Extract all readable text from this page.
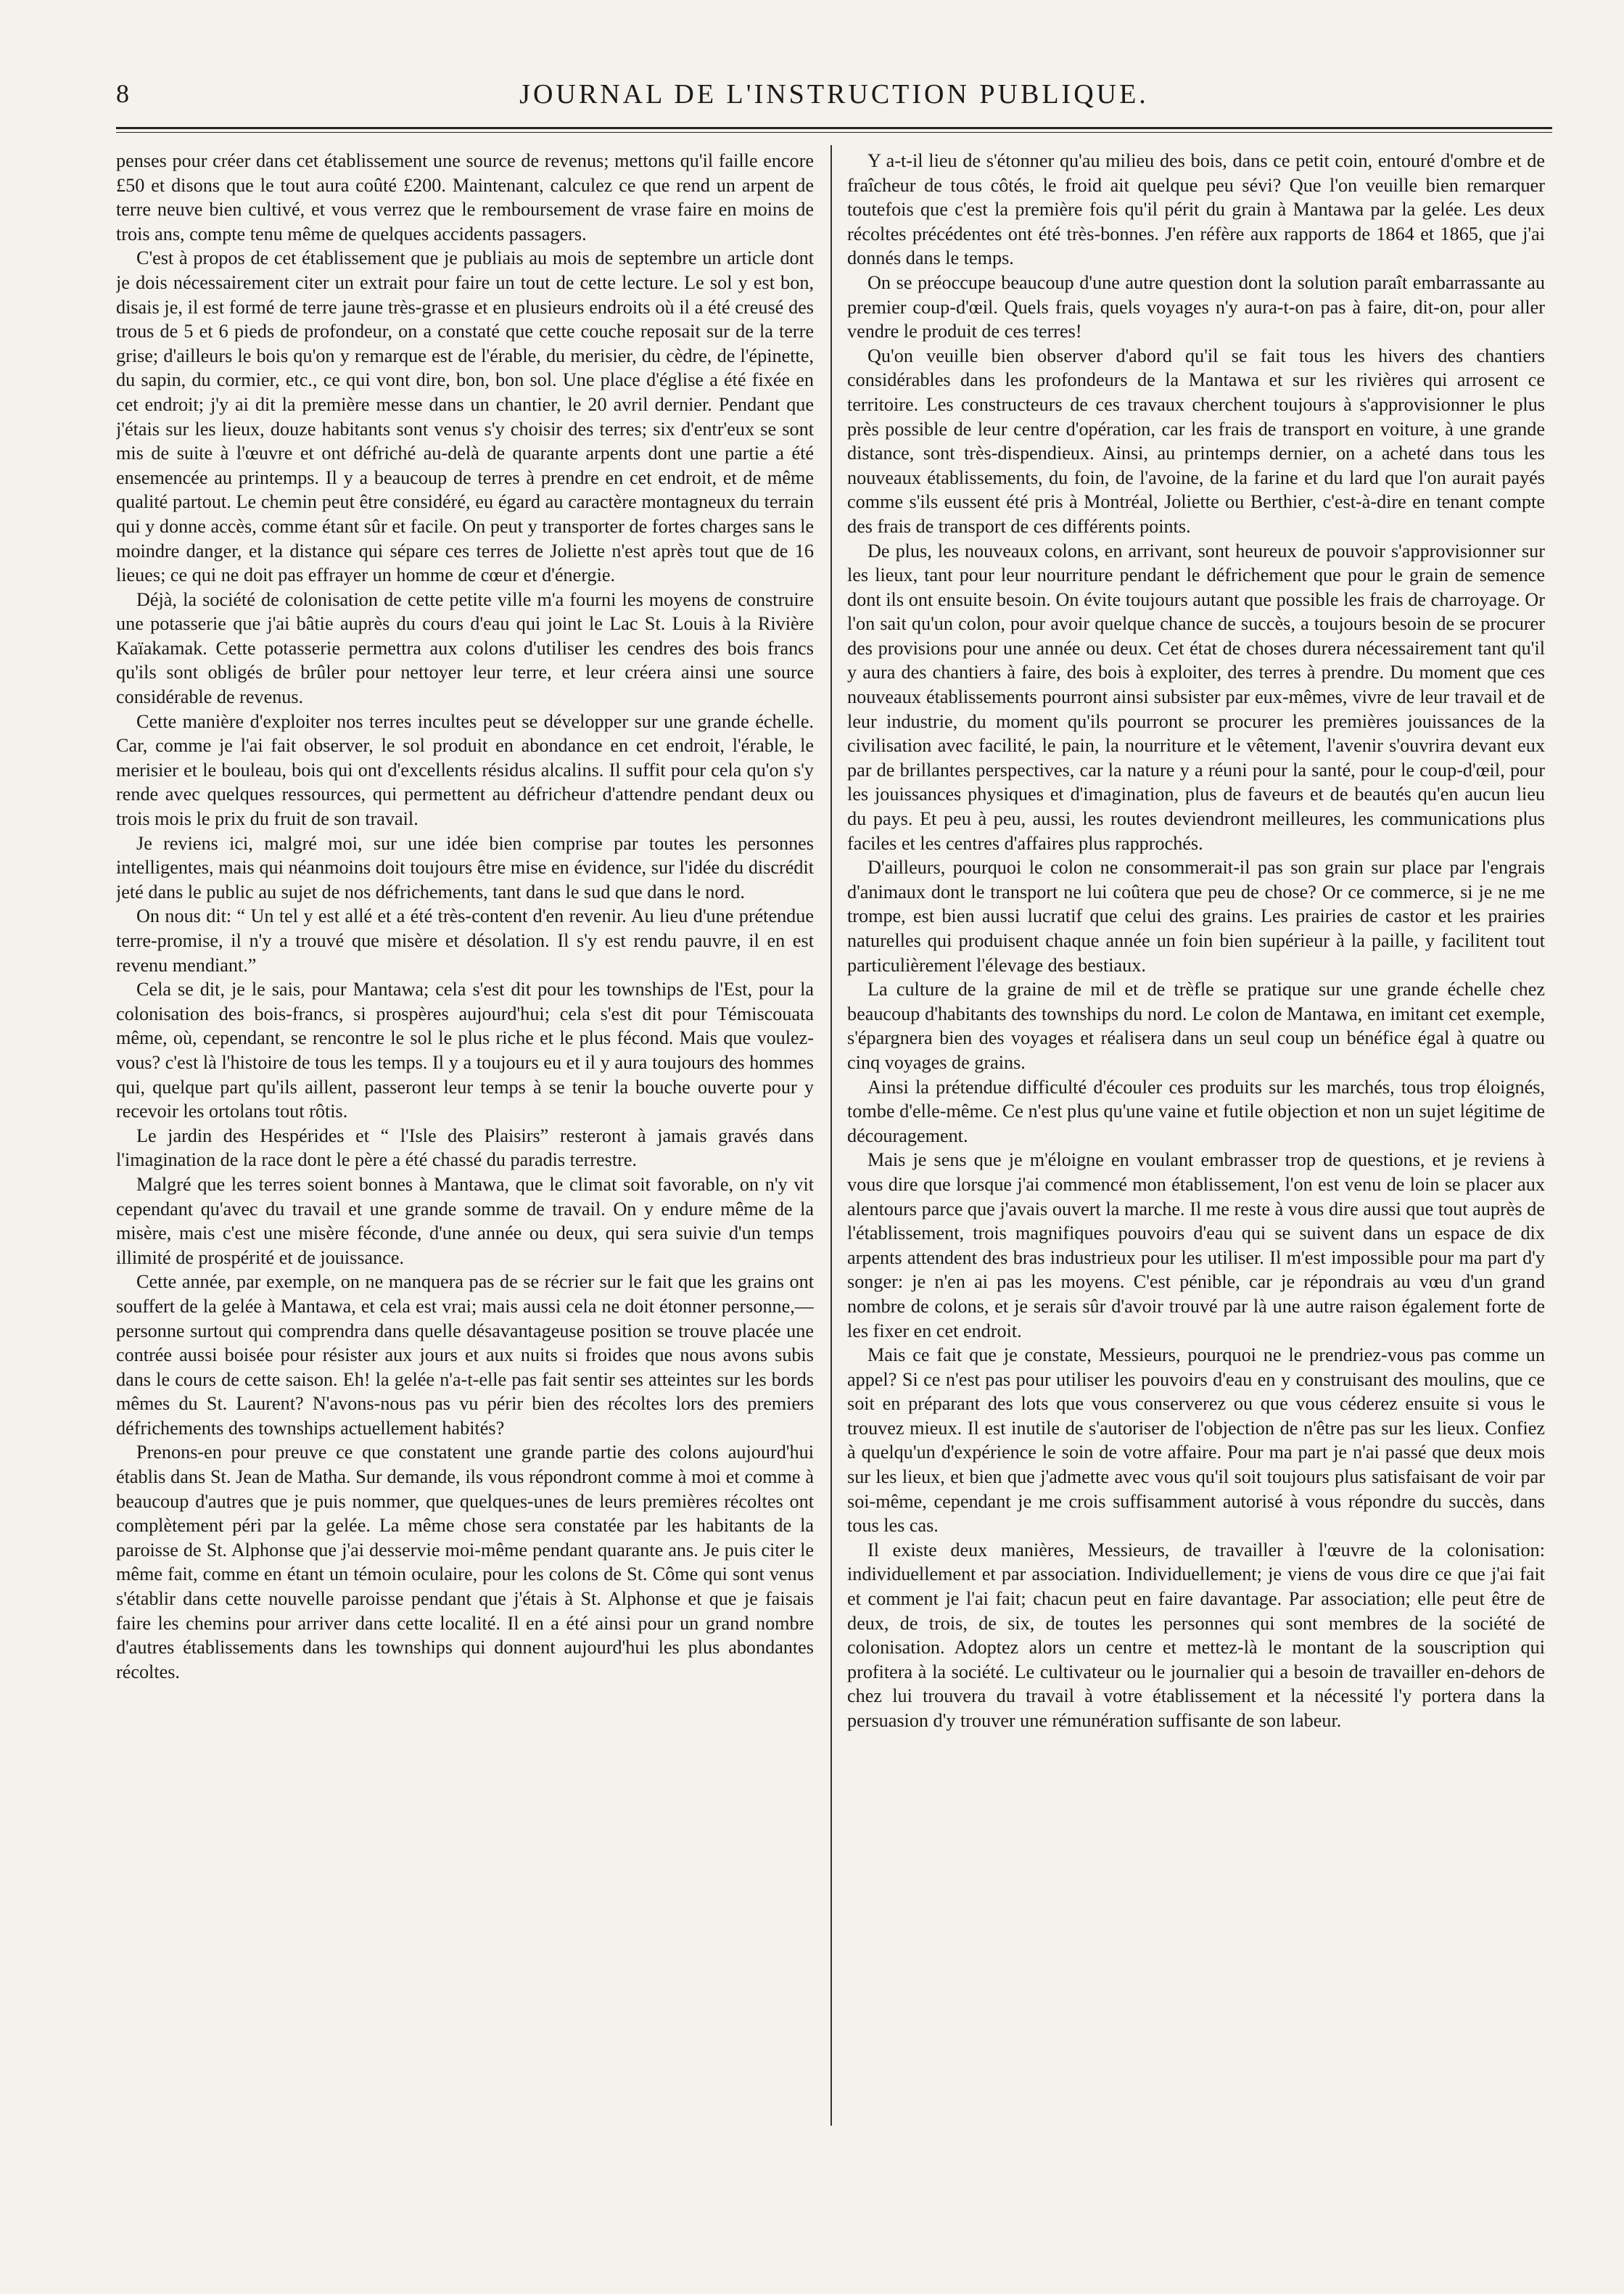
8	JOURNAL DE L'INSTRUCTION PUBLIQUE.

penses pour créer dans cet établissement une source de revenus; mettons qu'il faille encore £50 et disons que le tout aura coûté £200. Maintenant, calculez ce que rend un arpent de terre neuve bien cultivé, et vous verrez que le remboursement de vrase faire en moins de trois ans, compte tenu même de quelques accidents passagers.

C'est à propos de cet établissement que je publiais au mois de septembre un article dont je dois nécessairement citer un extrait pour faire un tout de cette lecture. Le sol y est bon, disais je, il est formé de terre jaune très-grasse et en plusieurs endroits où il a été creusé des trous de 5 et 6 pieds de profondeur, on a constaté que cette couche reposait sur de la terre grise; d'ailleurs le bois qu'on y remarque est de l'érable, du merisier, du cèdre, de l'épinette, du sapin, du cormier, etc., ce qui vont dire, bon, bon sol. Une place d'église a été fixée en cet endroit; j'y ai dit la première messe dans un chantier, le 20 avril dernier. Pendant que j'étais sur les lieux, douze habitants sont venus s'y choisir des terres; six d'entr'eux se sont mis de suite à l'œuvre et ont défriché au-delà de quarante arpents dont une partie a été ensemencée au printemps. Il y a beaucoup de terres à prendre en cet endroit, et de même qualité partout. Le chemin peut être considéré, eu égard au caractère montagneux du terrain qui y donne accès, comme étant sûr et facile. On peut y transporter de fortes charges sans le moindre danger, et la distance qui sépare ces terres de Joliette n'est après tout que de 16 lieues; ce qui ne doit pas effrayer un homme de cœur et d'énergie.

Déjà, la société de colonisation de cette petite ville m'a fourni les moyens de construire une potasserie que j'ai bâtie auprès du cours d'eau qui joint le Lac St. Louis à la Rivière Kaïakamak. Cette potasserie permettra aux colons d'utiliser les cendres des bois francs qu'ils sont obligés de brûler pour nettoyer leur terre, et leur créera ainsi une source considérable de revenus.

Cette manière d'exploiter nos terres incultes peut se développer sur une grande échelle. Car, comme je l'ai fait observer, le sol produit en abondance en cet endroit, l'érable, le merisier et le bouleau, bois qui ont d'excellents résidus alcalins. Il suffit pour cela qu'on s'y rende avec quelques ressources, qui permettent au défricheur d'attendre pendant deux ou trois mois le prix du fruit de son travail.

Je reviens ici, malgré moi, sur une idée bien comprise par toutes les personnes intelligentes, mais qui néanmoins doit toujours être mise en évidence, sur l'idée du discrédit jeté dans le public au sujet de nos défrichements, tant dans le sud que dans le nord.

On nous dit: “ Un tel y est allé et a été très-content d'en revenir. Au lieu d'une prétendue terre-promise, il n'y a trouvé que misère et désolation. Il s'y est rendu pauvre, il en est revenu mendiant.”

Cela se dit, je le sais, pour Mantawa; cela s'est dit pour les townships de l'Est, pour la colonisation des bois-francs, si prospères aujourd'hui; cela s'est dit pour Témiscouata même, où, cependant, se rencontre le sol le plus riche et le plus fécond. Mais que voulez-vous? c'est là l'histoire de tous les temps. Il y a toujours eu et il y aura toujours des hommes qui, quelque part qu'ils aillent, passeront leur temps à se tenir la bouche ouverte pour y recevoir les ortolans tout rôtis.

Le jardin des Hespérides et “ l'Isle des Plaisirs” resteront à jamais gravés dans l'imagination de la race dont le père a été chassé du paradis terrestre.

Malgré que les terres soient bonnes à Mantawa, que le climat soit favorable, on n'y vit cependant qu'avec du travail et une grande somme de travail. On y endure même de la misère, mais c'est une misère féconde, d'une année ou deux, qui sera suivie d'un temps illimité de prospérité et de jouissance.

Cette année, par exemple, on ne manquera pas de se récrier sur le fait que les grains ont souffert de la gelée à Mantawa, et cela est vrai; mais aussi cela ne doit étonner personne,—personne surtout qui comprendra dans quelle désavantageuse position se trouve placée une contrée aussi boisée pour résister aux jours et aux nuits si froides que nous avons subis dans le cours de cette saison. Eh! la gelée n'a-t-elle pas fait sentir ses atteintes sur les bords mêmes du St. Laurent? N'avons-nous pas vu périr bien des récoltes lors des premiers défrichements des townships actuellement habités?

Prenons-en pour preuve ce que constatent une grande partie des colons aujourd'hui établis dans St. Jean de Matha. Sur demande, ils vous répondront comme à moi et comme à beaucoup d'autres que je puis nommer, que quelques-unes de leurs premières récoltes ont complètement péri par la gelée. La même chose sera constatée par les habitants de la paroisse de St. Alphonse que j'ai desservie moi-même pendant quarante ans. Je puis citer le même fait, comme en étant un témoin oculaire, pour les colons de St. Côme qui sont venus s'établir dans cette nouvelle paroisse pendant que j'étais à St. Alphonse et que je faisais faire les chemins pour arriver dans cette localité. Il en a été ainsi pour un grand nombre d'autres établissements dans les townships qui donnent aujourd'hui les plus abondantes récoltes.

Y a-t-il lieu de s'étonner qu'au milieu des bois, dans ce petit coin, entouré d'ombre et de fraîcheur de tous côtés, le froid ait quelque peu sévi? Que l'on veuille bien remarquer toutefois que c'est la première fois qu'il périt du grain à Mantawa par la gelée. Les deux récoltes précédentes ont été très-bonnes. J'en réfère aux rapports de 1864 et 1865, que j'ai donnés dans le temps.

On se préoccupe beaucoup d'une autre question dont la solution paraît embarrassante au premier coup-d'œil. Quels frais, quels voyages n'y aura-t-on pas à faire, dit-on, pour aller vendre le produit de ces terres!

Qu'on veuille bien observer d'abord qu'il se fait tous les hivers des chantiers considérables dans les profondeurs de la Mantawa et sur les rivières qui arrosent ce territoire. Les constructeurs de ces travaux cherchent toujours à s'approvisionner le plus près possible de leur centre d'opération, car les frais de transport en voiture, à une grande distance, sont très-dispendieux. Ainsi, au printemps dernier, on a acheté dans tous les nouveaux établissements, du foin, de l'avoine, de la farine et du lard que l'on aurait payés comme s'ils eussent été pris à Montréal, Joliette ou Berthier, c'est-à-dire en tenant compte des frais de transport de ces différents points.

De plus, les nouveaux colons, en arrivant, sont heureux de pouvoir s'approvisionner sur les lieux, tant pour leur nourriture pendant le défrichement que pour le grain de semence dont ils ont ensuite besoin. On évite toujours autant que possible les frais de charroyage. Or l'on sait qu'un colon, pour avoir quelque chance de succès, a toujours besoin de se procurer des provisions pour une année ou deux. Cet état de choses durera nécessairement tant qu'il y aura des chantiers à faire, des bois à exploiter, des terres à prendre. Du moment que ces nouveaux établissements pourront ainsi subsister par eux-mêmes, vivre de leur travail et de leur industrie, du moment qu'ils pourront se procurer les premières jouissances de la civilisation avec facilité, le pain, la nourriture et le vêtement, l'avenir s'ouvrira devant eux par de brillantes perspectives, car la nature y a réuni pour la santé, pour le coup-d'œil, pour les jouissances physiques et d'imagination, plus de faveurs et de beautés qu'en aucun lieu du pays. Et peu à peu, aussi, les routes deviendront meilleures, les communications plus faciles et les centres d'affaires plus rapprochés.

D'ailleurs, pourquoi le colon ne consommerait-il pas son grain sur place par l'engrais d'animaux dont le transport ne lui coûtera que peu de chose? Or ce commerce, si je ne me trompe, est bien aussi lucratif que celui des grains. Les prairies de castor et les prairies naturelles qui produisent chaque année un foin bien supérieur à la paille, y facilitent tout particulièrement l'élevage des bestiaux.

La culture de la graine de mil et de trèfle se pratique sur une grande échelle chez beaucoup d'habitants des townships du nord. Le colon de Mantawa, en imitant cet exemple, s'épargnera bien des voyages et réalisera dans un seul coup un bénéfice égal à quatre ou cinq voyages de grains.

Ainsi la prétendue difficulté d'écouler ces produits sur les marchés, tous trop éloignés, tombe d'elle-même. Ce n'est plus qu'une vaine et futile objection et non un sujet légitime de découragement.

Mais je sens que je m'éloigne en voulant embrasser trop de questions, et je reviens à vous dire que lorsque j'ai commencé mon établissement, l'on est venu de loin se placer aux alentours parce que j'avais ouvert la marche. Il me reste à vous dire aussi que tout auprès de l'établissement, trois magnifiques pouvoirs d'eau qui se suivent dans un espace de dix arpents attendent des bras industrieux pour les utiliser. Il m'est impossible pour ma part d'y songer: je n'en ai pas les moyens. C'est pénible, car je répondrais au vœu d'un grand nombre de colons, et je serais sûr d'avoir trouvé par là une autre raison également forte de les fixer en cet endroit.

Mais ce fait que je constate, Messieurs, pourquoi ne le prendriez-vous pas comme un appel? Si ce n'est pas pour utiliser les pouvoirs d'eau en y construisant des moulins, que ce soit en préparant des lots que vous conserverez ou que vous céderez ensuite si vous le trouvez mieux. Il est inutile de s'autoriser de l'objection de n'être pas sur les lieux. Confiez à quelqu'un d'expérience le soin de votre affaire. Pour ma part je n'ai passé que deux mois sur les lieux, et bien que j'admette avec vous qu'il soit toujours plus satisfaisant de voir par soi-même, cependant je me crois suffisamment autorisé à vous répondre du succès, dans tous les cas.

Il existe deux manières, Messieurs, de travailler à l'œuvre de la colonisation: individuellement et par association. Individuellement; je viens de vous dire ce que j'ai fait et comment je l'ai fait; chacun peut en faire davantage. Par association; elle peut être de deux, de trois, de six, de toutes les personnes qui sont membres de la société de colonisation. Adoptez alors un centre et mettez-là le montant de la souscription qui profitera à la société. Le cultivateur ou le journalier qui a besoin de travailler en-dehors de chez lui trouvera du travail à votre établissement et la nécessité l'y portera dans la persuasion d'y trouver une rémunération suffisante de son labeur.
